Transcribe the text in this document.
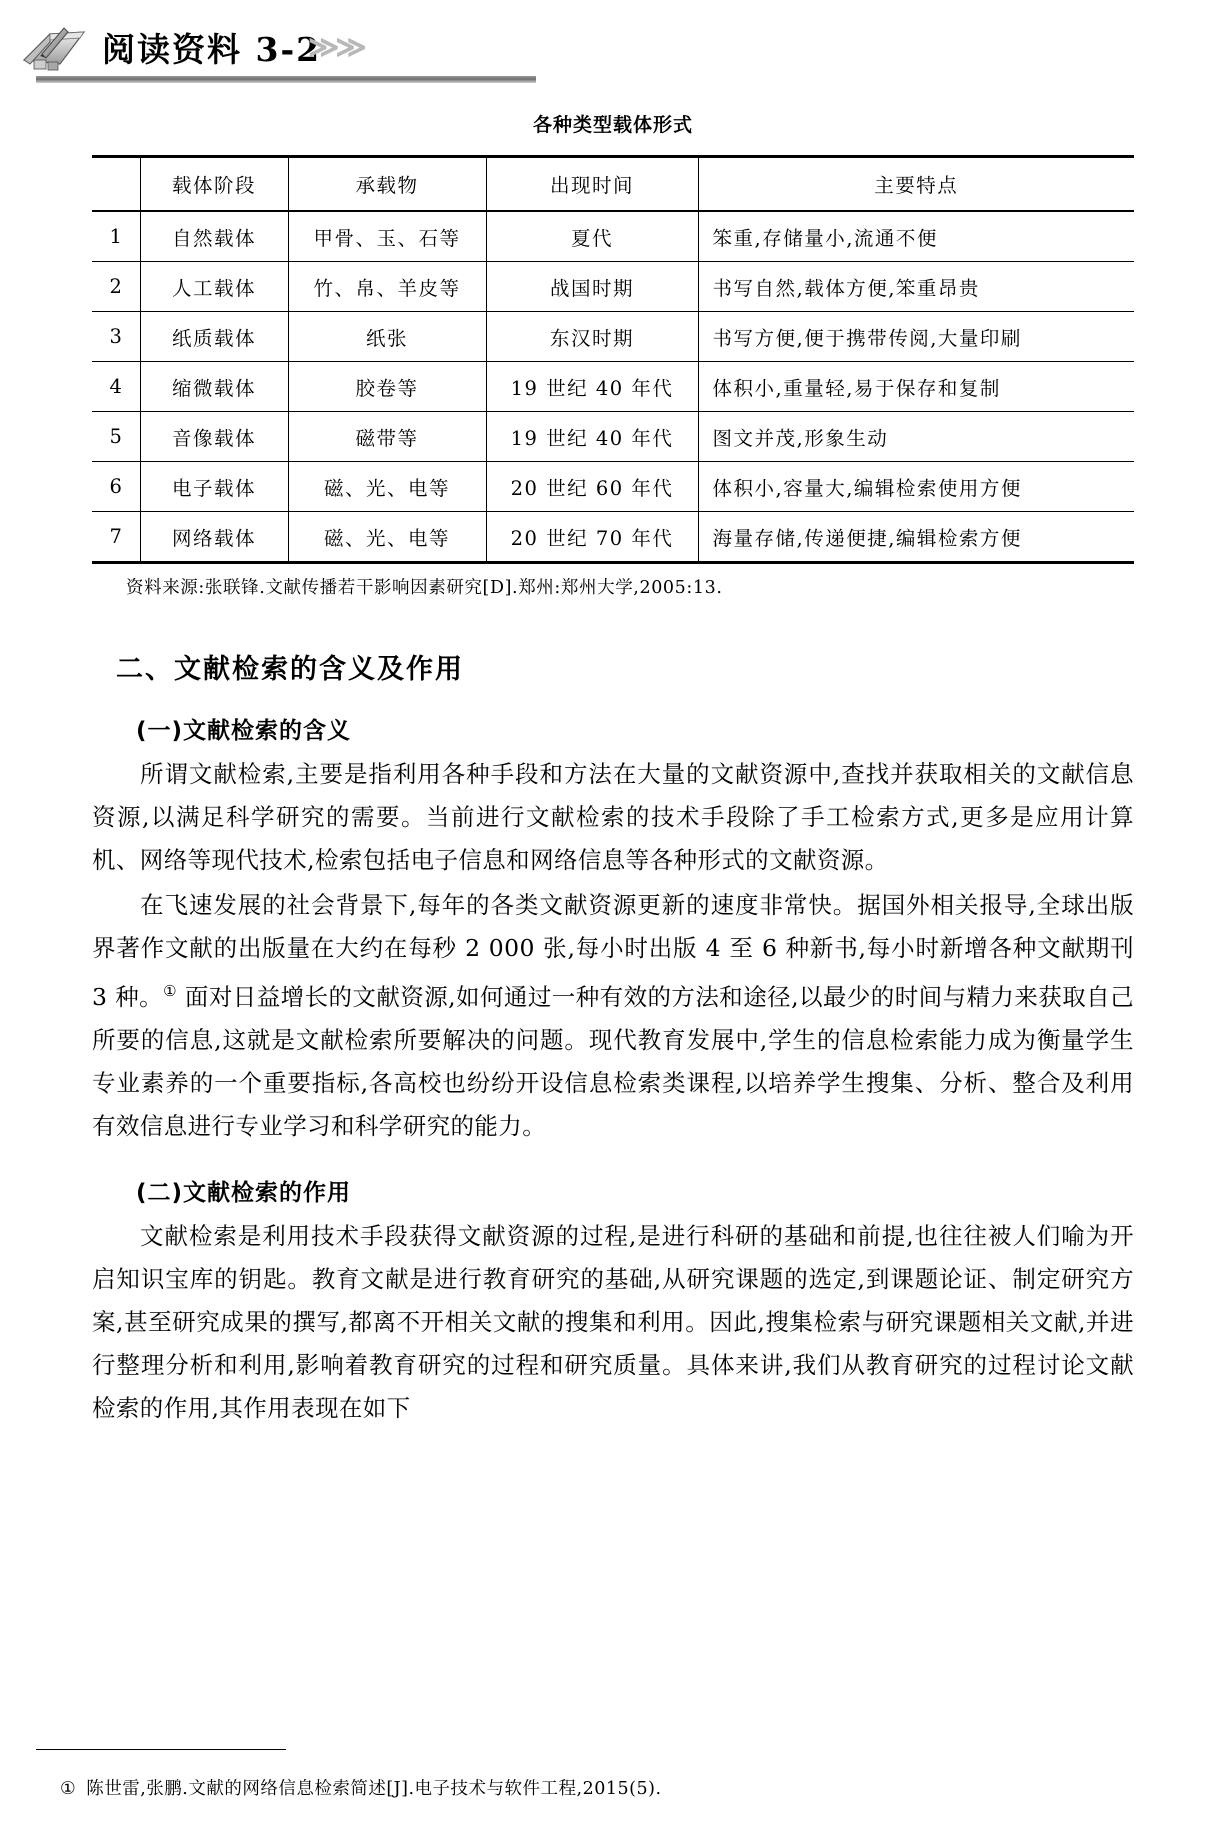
阅读资料 3-2
≫≫
各种类型载体形式
	载体阶段	承载物	出现时间	主要特点
1	自然载体	甲骨、玉、石等	夏代	笨重,存储量小,流通不便
2	人工载体	竹、帛、羊皮等	战国时期	书写自然,载体方便,笨重昂贵
3	纸质载体	纸张	东汉时期	书写方便,便于携带传阅,大量印刷
4	缩微载体	胶卷等	19 世纪 40 年代	体积小,重量轻,易于保存和复制
5	音像载体	磁带等	19 世纪 40 年代	图文并茂,形象生动
6	电子载体	磁、光、电等	20 世纪 60 年代	体积小,容量大,编辑检索使用方便
7	网络载体	磁、光、电等	20 世纪 70 年代	海量存储,传递便捷,编辑检索方便
资料来源:张联锋.文献传播若干影响因素研究[D].郑州:郑州大学,2005:13.
二、文献检索的含义及作用
(一)文献检索的含义

所谓文献检索,主要是指利用各种手段和方法在大量的文献资源中,查找并获取相关的文献信息资源,以满足科学研究的需要。当前进行文献检索的技术手段除了手工检索方式,更多是应用计算机、网络等现代技术,检索包括电子信息和网络信息等各种形式的文献资源。

在飞速发展的社会背景下,每年的各类文献资源更新的速度非常快。据国外相关报导,全球出版界著作文献的出版量在大约在每秒 2 000 张,每小时出版 4 至 6 种新书,每小时新增各种文献期刊 3 种。① 面对日益增长的文献资源,如何通过一种有效的方法和途径,以最少的时间与精力来获取自己所要的信息,这就是文献检索所要解决的问题。现代教育发展中,学生的信息检索能力成为衡量学生专业素养的一个重要指标,各高校也纷纷开设信息检索类课程,以培养学生搜集、分析、整合及利用有效信息进行专业学习和科学研究的能力。

(二)文献检索的作用

文献检索是利用技术手段获得文献资源的过程,是进行科研的基础和前提,也往往被人们喻为开启知识宝库的钥匙。教育文献是进行教育研究的基础,从研究课题的选定,到课题论证、制定研究方案,甚至研究成果的撰写,都离不开相关文献的搜集和利用。因此,搜集检索与研究课题相关文献,并进行整理分析和利用,影响着教育研究的过程和研究质量。具体来讲,我们从教育研究的过程讨论文献检索的作用,其作用表现在如下

① 陈世雷,张鹏.文献的网络信息检索简述[J].电子技术与软件工程,2015(5).
